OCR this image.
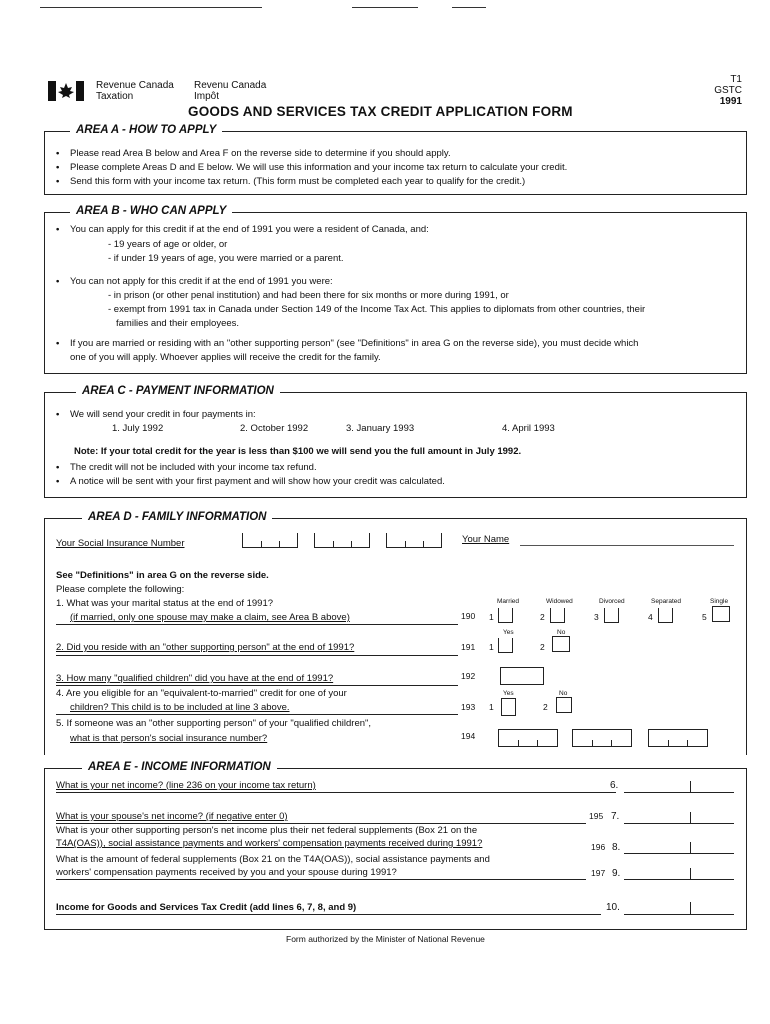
Revenue Canada
Taxation
Revenu Canada
Impôt
T1 GSTC
1991
GOODS AND SERVICES TAX CREDIT APPLICATION FORM
AREA A - HOW TO APPLY
• Please read Area B below and Area F on the reverse side to determine if you should apply.
• Please complete Areas D and E below. We will use this information and your income tax return to calculate your credit.
• Send this form with your income tax return. (This form must be completed each year to qualify for the credit.)
AREA B - WHO CAN APPLY
• You can apply for this credit if at the end of 1991 you were a resident of Canada, and:
- 19 years of age or older, or
- if under 19 years of age, you were married or a parent.
• You can not apply for this credit if at the end of 1991 you were:
- in prison (or other penal institution) and had been there for six months or more during 1991, or
- exempt from 1991 tax in Canada under Section 149 of the Income Tax Act. This applies to diplomats from other countries, their
families and their employees.
• If you are married or residing with an "other supporting person" (see "Definitions" in area G on the reverse side), you must decide which
one of you will apply. Whoever applies will receive the credit for the family.
AREA C - PAYMENT INFORMATION
• We will send your credit in four payments in:
1. July 1992	2. October 1992	3. January 1993	4. April 1993
Note: If your total credit for the year is less than $100 we will send you the full amount in July 1992.
• The credit will not be included with your income tax refund.
• A notice will be sent with your first payment and will show how your credit was calculated.
AREA D - FAMILY INFORMATION
Your Social Insurance Number	Your Name
See "Definitions" in area G on the reverse side.
Please complete the following:
1. What was your marital status at the end of 1991?
(if married, only one spouse may make a claim, see Area B above)	190
Married	Widowed	Divorced	Separated	Single
1	2	3	4	5
Yes	No
2. Did you reside with an "other supporting person" at the end of 1991?	191 1	2
3. How many "qualified children" did you have at the end of 1991?	192
Yes	No
4. Are you eligible for an "equivalent-to-married" credit for one of your
children? This child is to be included at line 3 above.	193 1	2
5. If someone was an "other supporting person" of your "qualified children",
what is that person's social insurance number?	194
AREA E - INCOME INFORMATION
What is your net income? (line 236 on your income tax return)	6.
What is your spouse's net income? (if negative enter 0)	195 7.
What is your other supporting person's net income plus their net federal supplements (Box 21 on the
T4A(OAS)), social assistance payments and workers' compensation payments received during 1991?	196 8.
What is the amount of federal supplements (Box 21 on the T4A(OAS)), social assistance payments and
workers' compensation payments received by you and your spouse during 1991?	197 9.
Income for Goods and Services Tax Credit (add lines 6, 7, 8, and 9)	10.
Form authorized by the Minister of National Revenue
